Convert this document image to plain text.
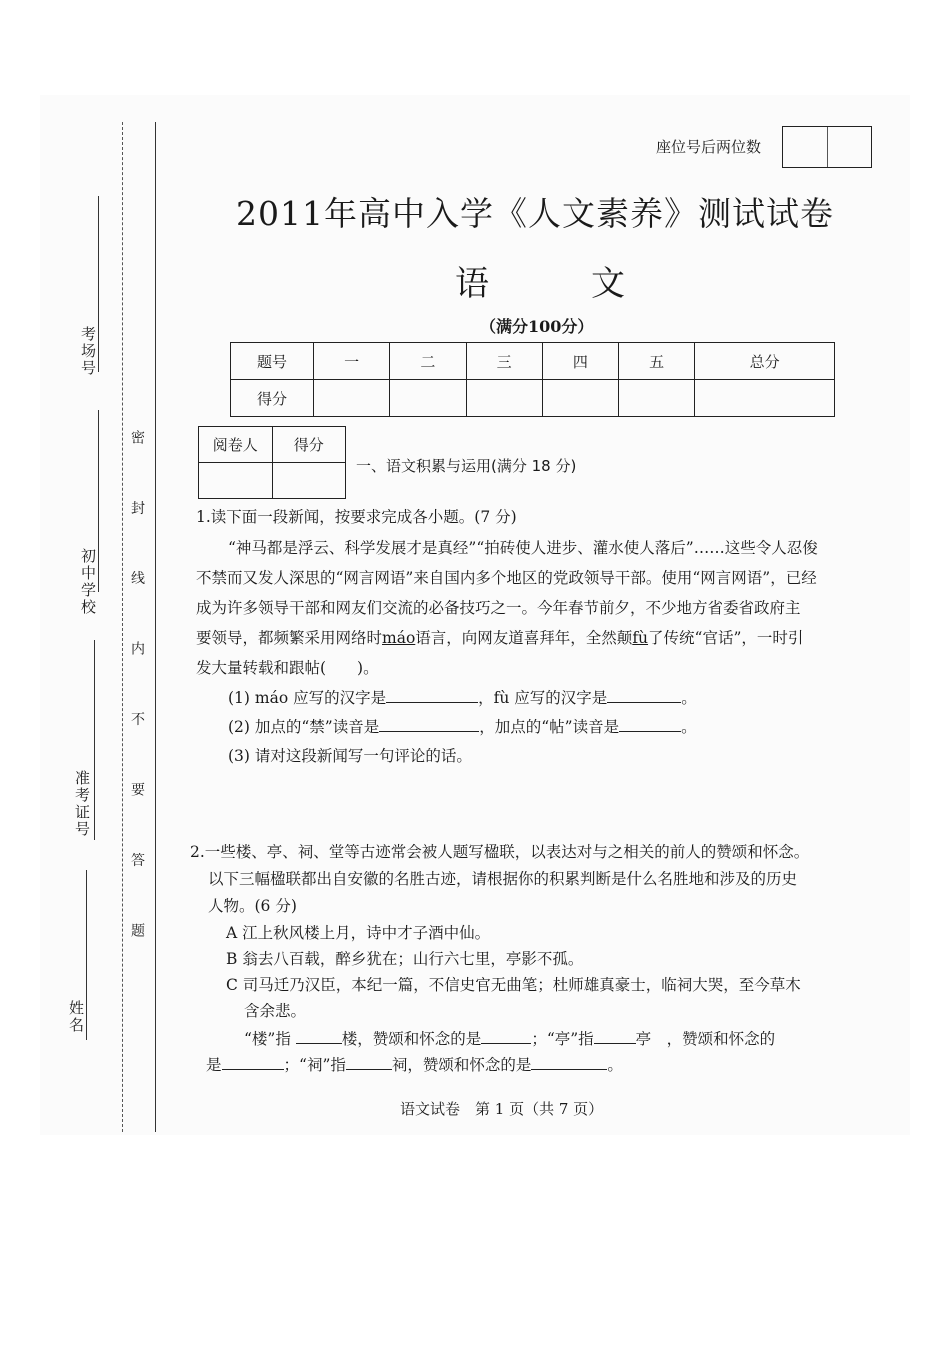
考场号
初中学校
准考证号
姓名
密 封 线 内 不 要 答 题
座位号后两位数
2011年高中入学《人文素养》测试试卷
语	文
（满分100分）
题号	一	二	三	四	五	总分
得分						
阅卷人	得分

一、语文积累与运用(满分 18 分)
1.读下面一段新闻，按要求完成各小题。(7 分)
“神马都是浮云、科学发展才是真经”“拍砖使人进步、灌水使人落后”……这些令人忍俊
不禁而又发人深思的“网言网语”来自国内多个地区的党政领导干部。使用“网言网语”，已经
成为许多领导干部和网友们交流的必备技巧之一。今年春节前夕，不少地方省委省政府主
要领导，都频繁采用网络时máo语言，向网友道喜拜年，全然颠fù了传统“官话”，一时引
发大量转载和跟帖(　　)。
(1) máo 应写的汉字是	，fù 应写的汉字是	。
(2) 加点的“禁”读音是	，加点的“帖”读音是	。
(3) 请对这段新闻写一句评论的话。
2.一些楼、亭、祠、堂等古迹常会被人题写楹联，以表达对与之相关的前人的赞颂和怀念。
以下三幅楹联都出自安徽的名胜古迹，请根据你的积累判断是什么名胜地和涉及的历史
人物。(6 分)
A 江上秋风楼上月，诗中才子酒中仙。
B 翁去八百载，醉乡犹在；山行六七里，亭影不孤。
C 司马迁乃汉臣，本纪一篇，不信史官无曲笔；杜师雄真豪士，临祠大哭，至今草木
含余悲。
“楼”指	楼，赞颂和怀念的是	；“亭”指	亭　，赞颂和怀念的
是	；“祠”指	祠，赞颂和怀念的是	。
语文试卷　第 1 页（共 7 页）
